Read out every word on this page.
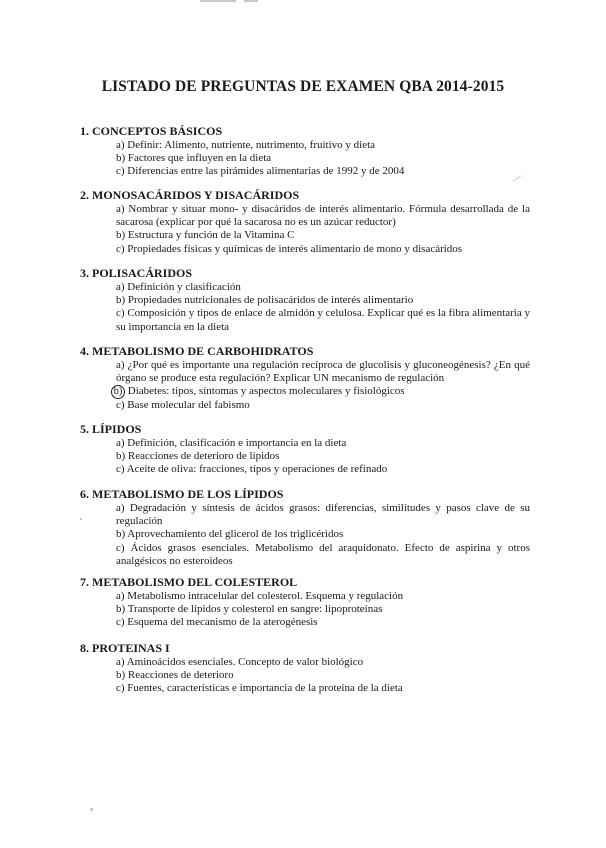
LISTADO DE PREGUNTAS DE EXAMEN QBA 2014-2015
1. CONCEPTOS BÁSICOS
a) Definir: Alimento, nutriente, nutrimento, fruitivo y dieta
b) Factores que influyen en la dieta
c) Diferencias entre las pirámides alimentarias de 1992 y de 2004
2. MONOSACÁRIDOS Y DISACÁRIDOS
a) Nombrar y situar mono- y disacáridos de interés alimentario. Fórmula desarrollada de la sacarosa (explicar por qué la sacarosa no es un azúcar reductor)
b) Estructura y función de la Vitamina C
c) Propiedades físicas y químicas de interés alimentario de mono y disacáridos
3. POLISACÁRIDOS
a) Definición y clasificación
b) Propiedades nutricionales de polisacáridos de interés alimentario
c) Composición y tipos de enlace de almidón y celulosa. Explicar qué es la fibra alimentaria y su importancia en la dieta
4. METABOLISMO DE CARBOHIDRATOS
a) ¿Por qué es importante una regulación recíproca de glucolisis y gluconeogénesis? ¿En qué órgano se produce esta regulación? Explicar UN mecanismo de regulación
b) Diabetes: tipos, síntomas y aspectos moleculares y fisiológicos
c) Base molecular del fabismo
5. LÍPIDOS
a) Definición, clasificación e importancia en la dieta
b) Reacciones de deterioro de lípidos
c) Aceite de oliva: fracciones, tipos y operaciones de refinado
6. METABOLISMO DE LOS LÍPIDOS
a) Degradación y síntesis de ácidos grasos: diferencias, similitudes y pasos clave de su regulación
b) Aprovechamiento del glicerol de los triglicéridos
c) Ácidos grasos esenciales. Metabolismo del araquidonato. Efecto de aspirina y otros analgésicos no esteroideos
7. METABOLISMO DEL COLESTEROL
a) Metabolismo intracelular del colesterol. Esquema y regulación
b) Transporte de lípidos y colesterol en sangre: lipoproteínas
c) Esquema del mecanismo de la aterogénesis
8. PROTEINAS I
a) Aminoácidos esenciales. Concepto de valor biológico
b) Reacciones de deterioro
c) Fuentes, características e importancia de la proteína de la dieta
